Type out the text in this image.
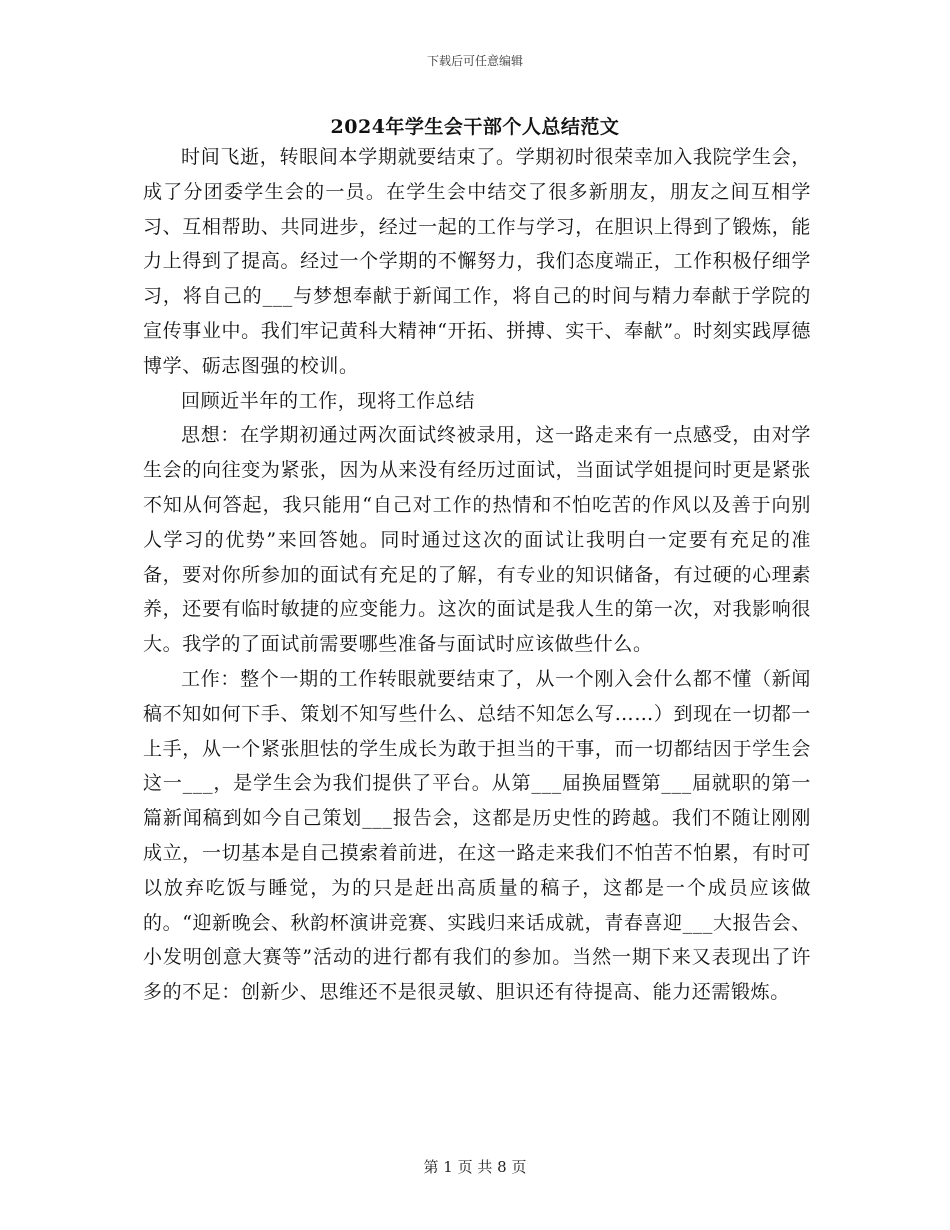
下载后可任意编辑
2024年学生会干部个人总结范文

时间飞逝，转眼间本学期就要结束了。学期初时很荣幸加入我院学生会，成了分团委学生会的一员。在学生会中结交了很多新朋友，朋友之间互相学习、互相帮助、共同进步，经过一起的工作与学习，在胆识上得到了锻炼，能力上得到了提高。经过一个学期的不懈努力，我们态度端正，工作积极仔细学习，将自己的___与梦想奉献于新闻工作，将自己的时间与精力奉献于学院的宣传事业中。我们牢记黄科大精神“开拓、拼搏、实干、奉献”。时刻实践厚德博学、砺志图强的校训。

回顾近半年的工作，现将工作总结

思想：在学期初通过两次面试终被录用，这一路走来有一点感受，由对学生会的向往变为紧张，因为从来没有经历过面试，当面试学姐提问时更是紧张不知从何答起，我只能用“自己对工作的热情和不怕吃苦的作风以及善于向别人学习的优势”来回答她。同时通过这次的面试让我明白一定要有充足的准备，要对你所参加的面试有充足的了解，有专业的知识储备，有过硬的心理素养，还要有临时敏捷的应变能力。这次的面试是我人生的第一次，对我影响很大。我学的了面试前需要哪些准备与面试时应该做些什么。

工作：整个一期的工作转眼就要结束了，从一个刚入会什么都不懂（新闻稿不知如何下手、策划不知写些什么、总结不知怎么写……）到现在一切都一上手，从一个紧张胆怯的学生成长为敢于担当的干事，而一切都结因于学生会这一___，是学生会为我们提供了平台。从第___届换届暨第___届就职的第一篇新闻稿到如今自己策划___报告会，这都是历史性的跨越。我们不随让刚刚成立，一切基本是自己摸索着前进，在这一路走来我们不怕苦不怕累，有时可以放弃吃饭与睡觉，为的只是赶出高质量的稿子，这都是一个成员应该做的。“迎新晚会、秋韵杯演讲竞赛、实践归来话成就，青春喜迎___大报告会、小发明创意大赛等”活动的进行都有我们的参加。当然一期下来又表现出了许多的不足：创新少、思维还不是很灵敏、胆识还有待提高、能力还需锻炼。

第 1 页 共 8 页
